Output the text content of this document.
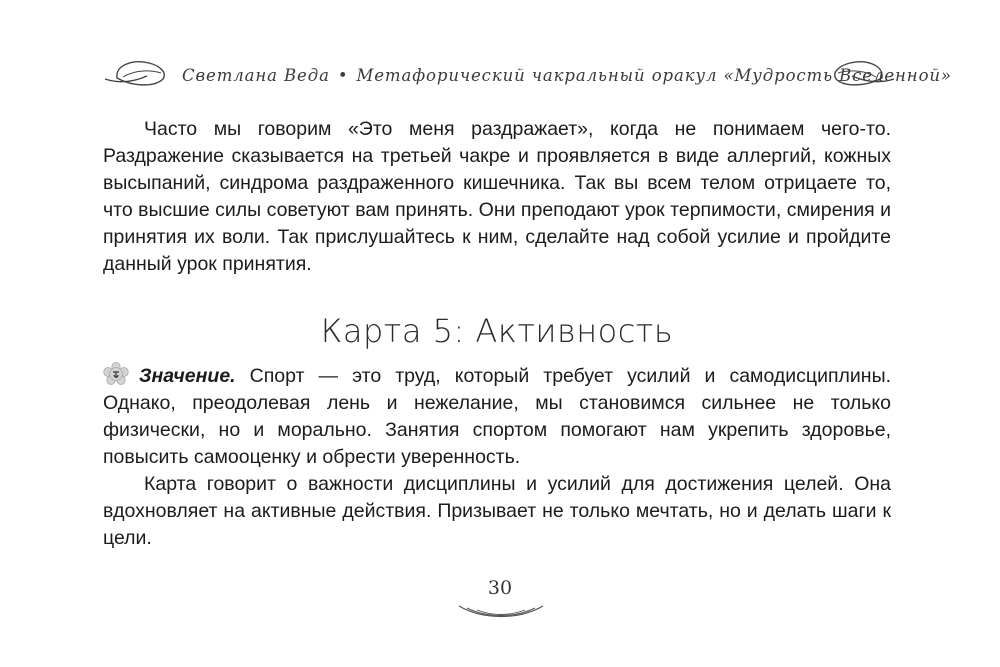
Светлана Веда • Метафорический чакральный оракул «Мудрость Вселенной»

Часто мы говорим «Это меня раздражает», когда не понимаем чего-то. Раздражение сказывается на третьей чакре и проявляется в виде аллергий, кожных высыпаний, синдрома раздраженного кишечника. Так вы всем телом отрицаете то, что высшие силы советуют вам принять. Они преподают урок терпимости, смирения и принятия их воли. Так прислушайтесь к ним, сделайте над собой усилие и пройдите данный урок принятия.

Карта 5: Активность

Значение. Спорт — это труд, который требует усилий и самодисциплины. Однако, преодолевая лень и нежелание, мы становимся сильнее не только физически, но и морально. Занятия спортом помогают нам укрепить здоровье, повысить самооценку и обрести уверенность.

Карта говорит о важности дисциплины и усилий для достижения целей. Она вдохновляет на активные действия. Призывает не только мечтать, но и делать шаги к цели.

30
